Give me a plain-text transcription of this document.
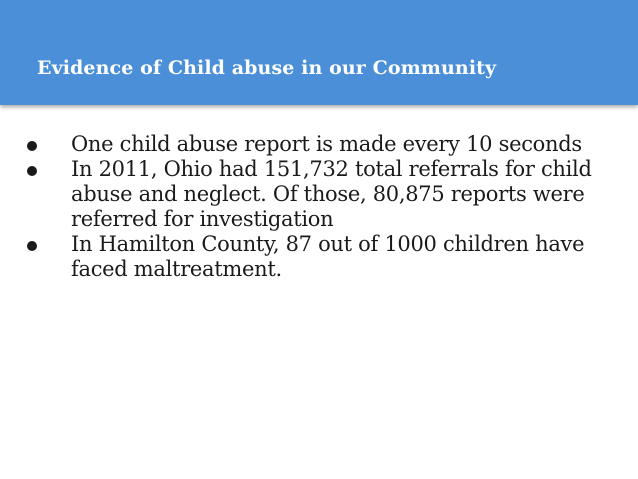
Evidence of Child abuse in our Community
One child abuse report is made every 10 seconds
In 2011, Ohio had 151,732 total referrals for child abuse and neglect. Of those, 80,875 reports were referred for investigation
In Hamilton County, 87 out of 1000 children have faced maltreatment.
